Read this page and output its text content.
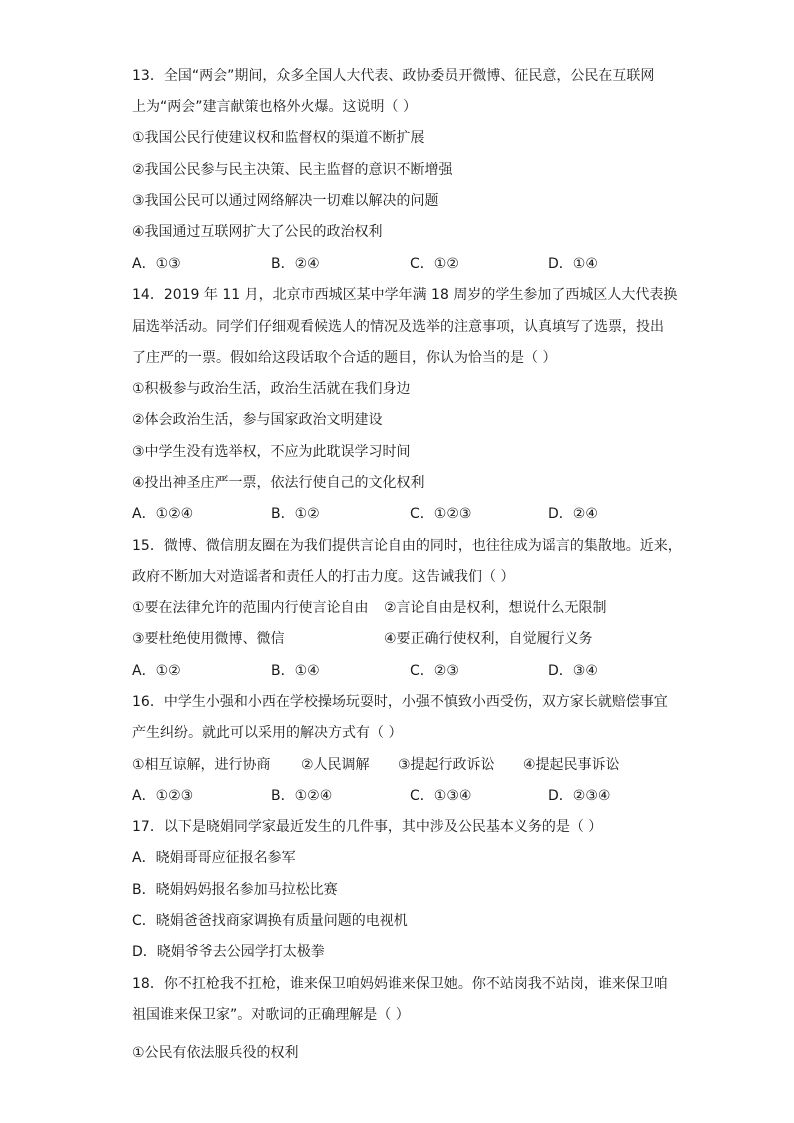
13．全国“两会”期间，众多全国人大代表、政协委员开微博、征民意，公民在互联网
上为“两会”建言献策也格外火爆。这说明（ ）
①我国公民行使建议权和监督权的渠道不断扩展
②我国公民参与民主决策、民主监督的意识不断增强
③我国公民可以通过网络解决一切难以解决的问题
④我国通过互联网扩大了公民的政治权利
A．①③	B．②④	C．①②	D．①④
14．2019 年 11 月，北京市西城区某中学年满 18 周岁的学生参加了西城区人大代表换
届选举活动。同学们仔细观看候选人的情况及选举的注意事项，认真填写了选票，投出
了庄严的一票。假如给这段话取个合适的题目，你认为恰当的是（ ）
①积极参与政治生活，政治生活就在我们身边
②体会政治生活，参与国家政治文明建设
③中学生没有选举权，不应为此耽误学习时间
④投出神圣庄严一票，依法行使自己的文化权利
A．①②④	B．①②	C．①②③	D．②④
15．微博、微信朋友圈在为我们提供言论自由的同时，也往往成为谣言的集散地。近来，
政府不断加大对造谣者和责任人的打击力度。这告诫我们（ ）
①要在法律允许的范围内行使言论自由 ②言论自由是权利，想说什么无限制
③要杜绝使用微博、微信	④要正确行使权利，自觉履行义务
A．①②	B．①④	C．②③	D．③④
16．中学生小强和小西在学校操场玩耍时，小强不慎致小西受伤，双方家长就赔偿事宜
产生纠纷。就此可以采用的解决方式有（ ）
①相互谅解，进行协商 ②人民调解 ③提起行政诉讼 ④提起民事诉讼
A．①②③	B．①②④	C．①③④	D．②③④
17．以下是晓娟同学家最近发生的几件事，其中涉及公民基本义务的是（ ）
A．晓娟哥哥应征报名参军
B．晓娟妈妈报名参加马拉松比赛
C．晓娟爸爸找商家调换有质量问题的电视机
D．晓娟爷爷去公园学打太极拳
18．你不扛枪我不扛枪，谁来保卫咱妈妈谁来保卫她。你不站岗我不站岗，谁来保卫咱
祖国谁来保卫家”。对歌词的正确理解是（ ）
①公民有依法服兵役的权利
